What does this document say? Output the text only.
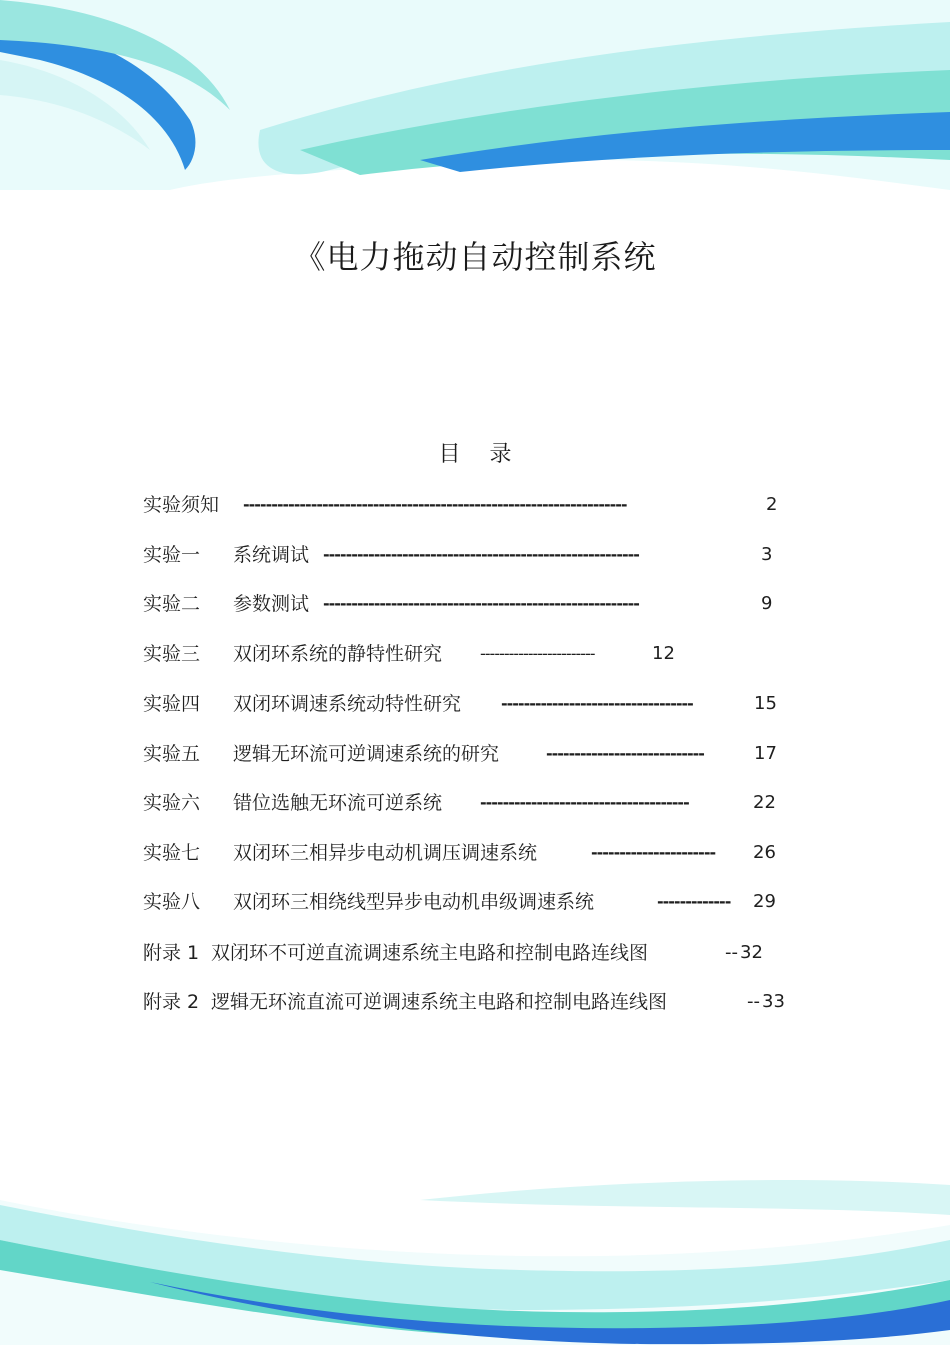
《电力拖动自动控制系统
目 录
实验须知 --------------------------------------------------------------------	2
实验一 系统调试 --------------------------------------------------------	3
实验二 参数测试 --------------------------------------------------------	9
实验三 双闭环系统的静特性研究 ------------------------	12
实验四 双闭环调速系统动特性研究 ----------------------------------	15
实验五 逻辑无环流可逆调速系统的研究	----------------------------	17
实验六 错位选触无环流可逆系统 -------------------------------------	22
实验七 双闭环三相异步电动机调压调速系统	---------------------- 26
实验八 双闭环三相绕线型异步电动机串级调速系统	------------- 29
附录 1 双闭环不可逆直流调速系统主电路和控制电路连线图	-- 32
附录 2 逻辑无环流直流可逆调速系统主电路和控制电路连线图	-- 33
